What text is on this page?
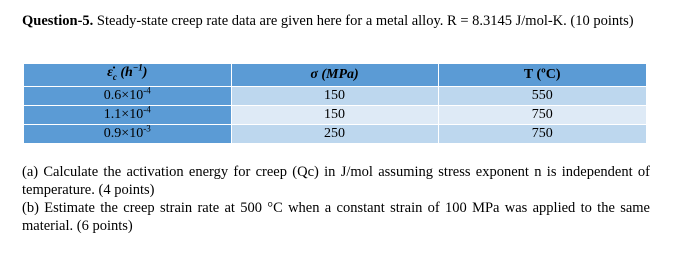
Question-5. Steady-state creep rate data are given here for a metal alloy. R = 8.3145 J/mol-K. (10 points)
$\varepsiloṅ_c$ $(h^{-1})$	σ (MPa)	T (ºC)
$0.6\times 10^{-4}$	150	550
$1.1\times 10^{-4}$	150	750
$0.9\times 10^{-3}$	250	750

(a) Calculate the activation energy for creep (Qc) in J/mol assuming stress exponent n is independent of temperature. (4 points)

(b) Estimate the creep strain rate at 500 °C when a constant strain of 100 MPa was applied to the same material. (6 points)
